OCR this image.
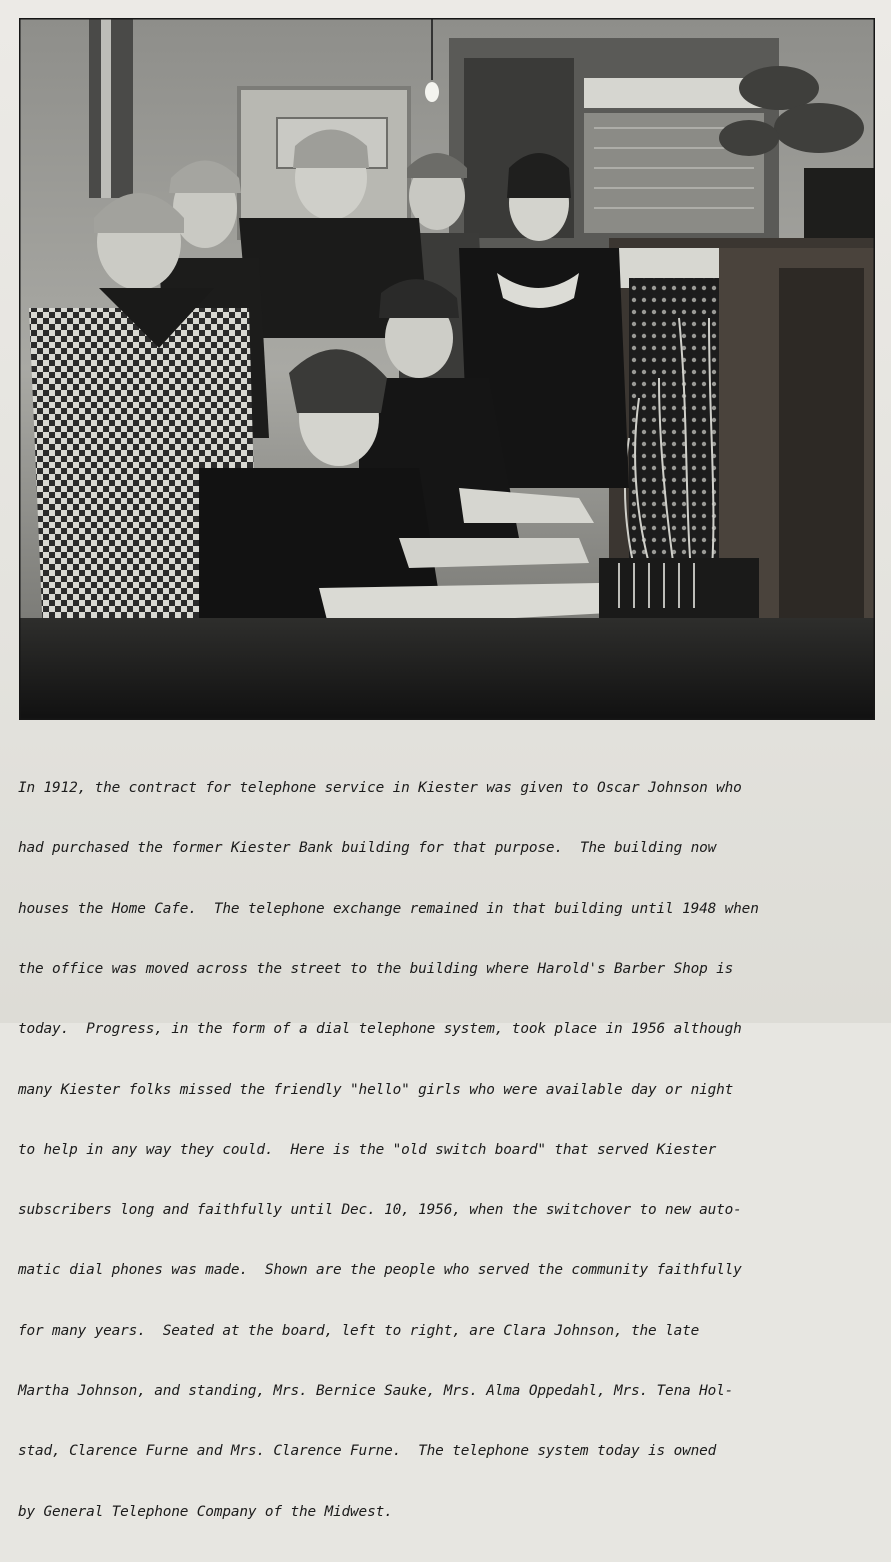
In 1912, the contract for telephone service in Kiester was given to Oscar Johnson who

had purchased the former Kiester Bank building for that purpose.  The building now

houses the Home Cafe.  The telephone exchange remained in that building until 1948 when

the office was moved across the street to the building where Harold's Barber Shop is

today.  Progress, in the form of a dial telephone system, took place in 1956 although

many Kiester folks missed the friendly "hello" girls who were available day or night

to help in any way they could.  Here is the "old switch board" that served Kiester

subscribers long and faithfully until Dec. 10, 1956, when the switchover to new auto-

matic dial phones was made.  Shown are the people who served the community faithfully

for many years.  Seated at the board, left to right, are Clara Johnson, the late

Martha Johnson, and standing, Mrs. Bernice Sauke, Mrs. Alma Oppedahl, Mrs. Tena Hol-

stad, Clarence Furne and Mrs. Clarence Furne.  The telephone system today is owned

by General Telephone Company of the Midwest.
